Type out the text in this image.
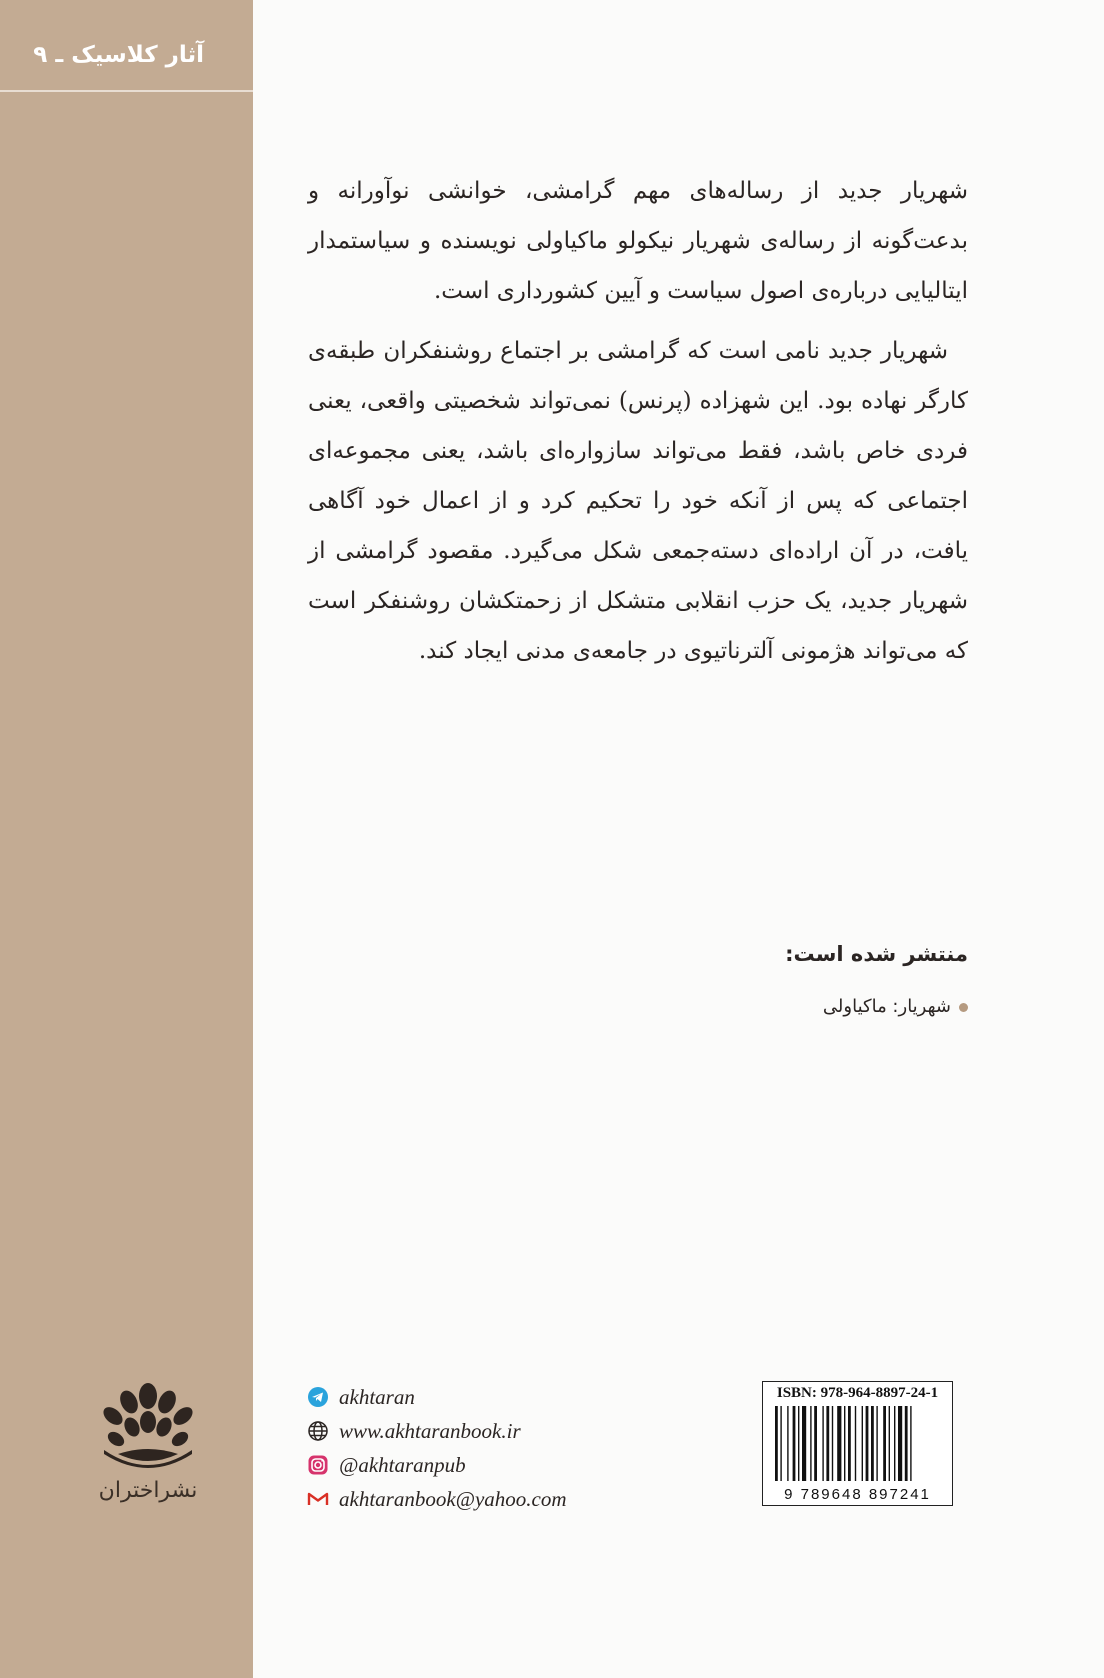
آثار کلاسیک ـ ۹

شهریار جدید از رساله‌های مهم گرامشی، خوانشی نوآورانه و بدعت‌گونه از رساله‌ی شهریار نیکولو ماکیاولی نویسنده و سیاستمدار ایتالیایی درباره‌ی اصول سیاست و آیین کشورداری است.

شهریار جدید نامی است که گرامشی بر اجتماع روشنفکران طبقه‌ی کارگر نهاده بود. این شهزاده (پرنس) نمی‌تواند شخصیتی واقعی، یعنی فردی خاص باشد، فقط می‌تواند سازواره‌ای باشد، یعنی مجموعه‌ای اجتماعی که پس از آنکه خود را تحکیم کرد و از اعمال خود آگاهی یافت، در آن اراده‌ای دسته‌جمعی شکل می‌گیرد. مقصود گرامشی از شهریار جدید، یک حزب انقلابی متشکل از زحمتکشان روشنفکر است که می‌تواند هژمونی آلترناتیوی در جامعه‌ی مدنی ایجاد کند.

منتشر شده است:
شهریار: ماکیاولی
نشراختران
akhtaran
www.akhtaranbook.ir
@akhtaranpub
akhtaranbook@yahoo.com
ISBN: 978-964-8897-24-1
9 789648 897241
